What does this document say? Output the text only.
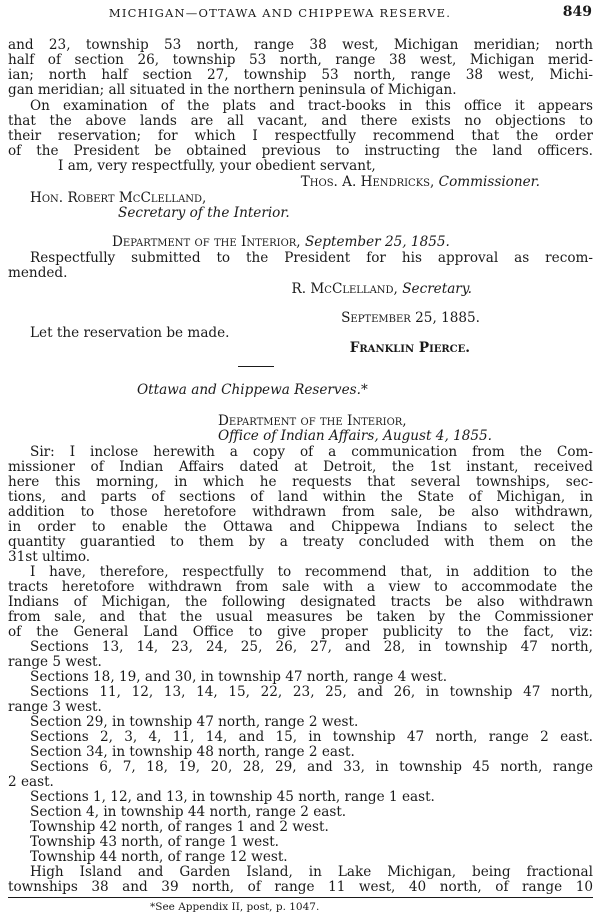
MICHIGAN—OTTAWA AND CHIPPEWA RESERVE.	849
and 23, township 53 north, range 38 west, Michigan meridian; north
half of section 26, township 53 north, range 38 west, Michigan merid-
ian; north half section 27, township 53 north, range 38 west, Michi-
gan meridian; all situated in the northern peninsula of Michigan.
On examination of the plats and tract-books in this office it appears
that the above lands are all vacant, and there exists no objections to
their reservation; for which I respectfully recommend that the order
of the President be obtained previous to instructing the land officers.
I am, very respectfully, your obedient servant,
Thos. A. Hendricks, Commissioner.
Hon. Robert McClelland,
Secretary of the Interior.
Department of the Interior, September 25, 1855.
Respectfully submitted to the President for his approval as recom-
mended.
R. McClelland, Secretary.
September 25, 1885.
Let the reservation be made.
Franklin Pierce.
Ottawa and Chippewa Reserves.*
Department of the Interior,
Office of Indian Affairs, August 4, 1855.
Sir: I inclose herewith a copy of a communication from the Com-
missioner of Indian Affairs dated at Detroit, the 1st instant, received
here this morning, in which he requests that several townships, sec-
tions, and parts of sections of land within the State of Michigan, in
addition to those heretofore withdrawn from sale, be also withdrawn,
in order to enable the Ottawa and Chippewa Indians to select the
quantity guarantied to them by a treaty concluded with them on the
31st ultimo.
I have, therefore, respectfully to recommend that, in addition to the
tracts heretofore withdrawn from sale with a view to accommodate the
Indians of Michigan, the following designated tracts be also withdrawn
from sale, and that the usual measures be taken by the Commissioner
of the General Land Office to give proper publicity to the fact, viz:
Sections 13, 14, 23, 24, 25, 26, 27, and 28, in township 47 north,
range 5 west.
Sections 18, 19, and 30, in township 47 north, range 4 west.
Sections 11, 12, 13, 14, 15, 22, 23, 25, and 26, in township 47 north,
range 3 west.
Section 29, in township 47 north, range 2 west.
Sections 2, 3, 4, 11, 14, and 15, in township 47 north, range 2 east.
Section 34, in township 48 north, range 2 east.
Sections 6, 7, 18, 19, 20, 28, 29, and 33, in township 45 north, range
2 east.
Sections 1, 12, and 13, in township 45 north, range 1 east.
Section 4, in township 44 north, range 2 east.
Township 42 north, of ranges 1 and 2 west.
Township 43 north, of range 1 west.
Township 44 north, of range 12 west.
High Island and Garden Island, in Lake Michigan, being fractional
townships 38 and 39 north, of range 11 west, 40 north, of range 10
*See Appendix II, post, p. 1047.
